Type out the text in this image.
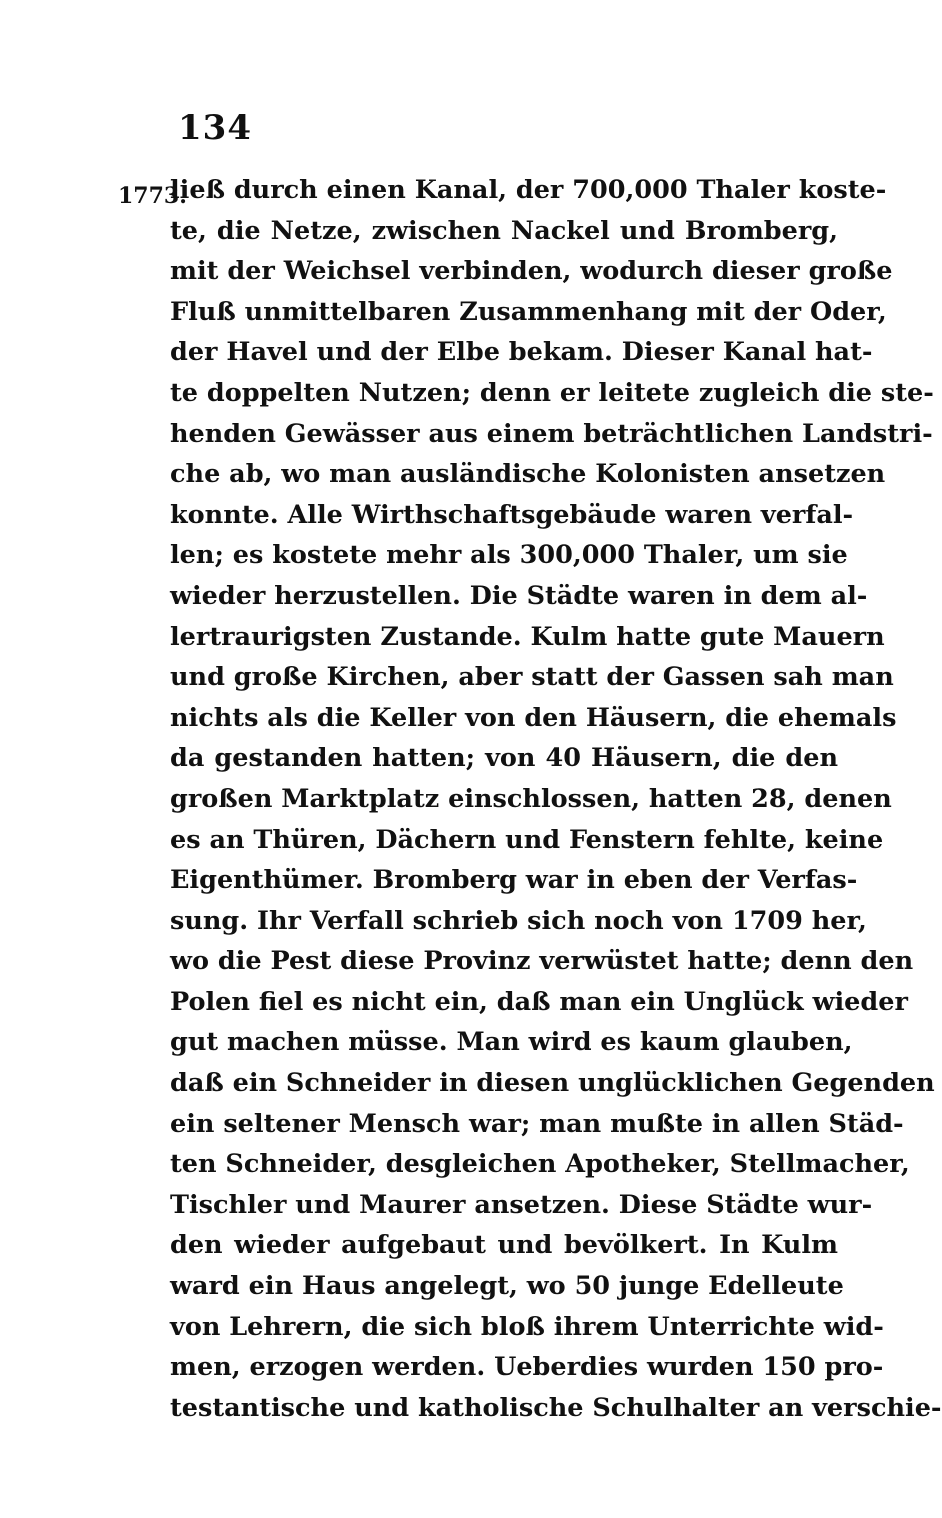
134
1773.
ließ durch einen Kanal, der 700,000 Thaler koste-
te, die Netze, zwischen Nackel und Bromberg,
mit der Weichsel verbinden, wodurch dieser große
Fluß unmittelbaren Zusammenhang mit der Oder,
der Havel und der Elbe bekam. Dieser Kanal hat-
te doppelten Nutzen; denn er leitete zugleich die ste-
henden Gewässer aus einem beträchtlichen Landstri-
che ab, wo man ausländische Kolonisten ansetzen
konnte. Alle Wirthschaftsgebäude waren verfal-
len; es kostete mehr als 300,000 Thaler, um sie
wieder herzustellen. Die Städte waren in dem al-
lertraurigsten Zustande. Kulm hatte gute Mauern
und große Kirchen, aber statt der Gassen sah man
nichts als die Keller von den Häusern, die ehemals
da gestanden hatten; von 40 Häusern, die den
großen Marktplatz einschlossen, hatten 28, denen
es an Thüren, Dächern und Fenstern fehlte, keine
Eigenthümer. Bromberg war in eben der Verfas-
sung. Ihr Verfall schrieb sich noch von 1709 her,
wo die Pest diese Provinz verwüstet hatte; denn den
Polen fiel es nicht ein, daß man ein Unglück wieder
gut machen müsse. Man wird es kaum glauben,
daß ein Schneider in diesen unglücklichen Gegenden
ein seltener Mensch war; man mußte in allen Städ-
ten Schneider, desgleichen Apotheker, Stellmacher,
Tischler und Maurer ansetzen. Diese Städte wur-
den wieder aufgebaut und bevölkert. In Kulm
ward ein Haus angelegt, wo 50 junge Edelleute
von Lehrern, die sich bloß ihrem Unterrichte wid-
men, erzogen werden. Ueberdies wurden 150 pro-
testantische und katholische Schulhalter an verschie-
